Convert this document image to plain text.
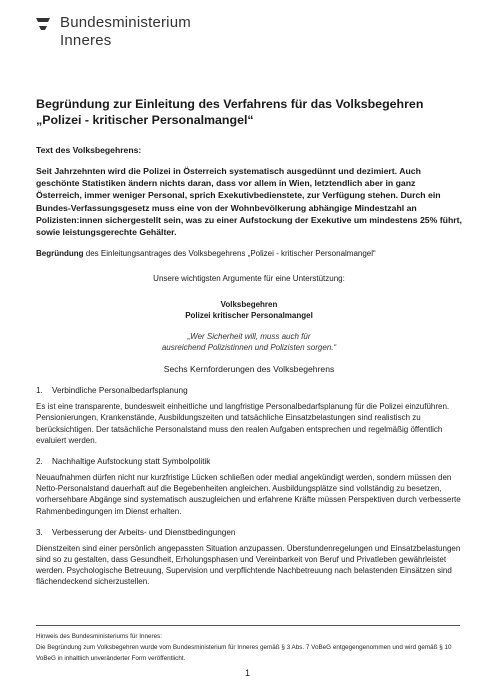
Bundesministerium
Inneres

Begründung zur Einleitung des Verfahrens für das Volksbegehren
„Polizei - kritischer Personalmangel“

Text des Volksbegehrens:

Seit Jahrzehnten wird die Polizei in Österreich systematisch ausgedünnt und dezimiert. Auch geschönte Statistiken ändern nichts daran, dass vor allem in Wien, letztendlich aber in ganz Österreich, immer weniger Personal, sprich Exekutivbedienstete, zur Verfügung stehen. Durch ein Bundes-Verfassungsgesetz muss eine von der Wohnbevölkerung abhängige Mindestzahl an Polizisten:innen sichergestellt sein, was zu einer Aufstockung der Exekutive um mindestens 25% führt, sowie leistungsgerechte Gehälter.

Begründung des Einleitungsantrages des Volksbegehrens „Polizei - kritischer Personalmangel“

Unsere wichtigsten Argumente für eine Unterstützung:

Volksbegehren
Polizei kritischer Personalmangel
„Wer Sicherheit will, muss auch für
ausreichend Polizistinnen und Polizisten sorgen.“

Sechs Kernforderungen des Volksbegehrens

1. Verbindliche Personalbedarfsplanung

Es ist eine transparente, bundesweit einheitliche und langfristige Personalbedarfsplanung für die Polizei einzuführen. Pensionierungen, Krankenstände, Ausbildungszeiten und tatsächliche Einsatzbelastungen sind realistisch zu berücksichtigen. Der tatsächliche Personalstand muss den realen Aufgaben entsprechen und regelmäßig öffentlich evaluiert werden.

2. Nachhaltige Aufstockung statt Symbolpolitik

Neuaufnahmen dürfen nicht nur kurzfristige Lücken schließen oder medial angekündigt werden, sondern müssen den Netto-Personalstand dauerhaft auf die Begebenheiten angleichen. Ausbildungsplätze sind vollständig zu besetzen, vorhersehbare Abgänge sind systematisch auszugleichen und erfahrene Kräfte müssen Perspektiven durch verbesserte Rahmenbedingungen im Dienst erhalten.

3. Verbesserung der Arbeits- und Dienstbedingungen

Dienstzeiten sind einer persönlich angepassten Situation anzupassen. Überstundenregelungen und Einsatzbelastungen sind so zu gestalten, dass Gesundheit, Erholungsphasen und Vereinbarkeit von Beruf und Privatleben gewährleistet werden. Psychologische Betreuung, Supervision und verpflichtende Nachbetreuung nach belastenden Einsätzen sind flächendeckend sicherzustellen.

Hinweis des Bundesministeriums für Inneres:

Die Begründung zum Volksbegehren wurde vom Bundesministerium für Inneres gemäß § 3 Abs. 7 VoBeG entgegengenommen und wird gemäß § 10 VoBeG in inhaltlich unveränderter Form veröffentlicht.

1
